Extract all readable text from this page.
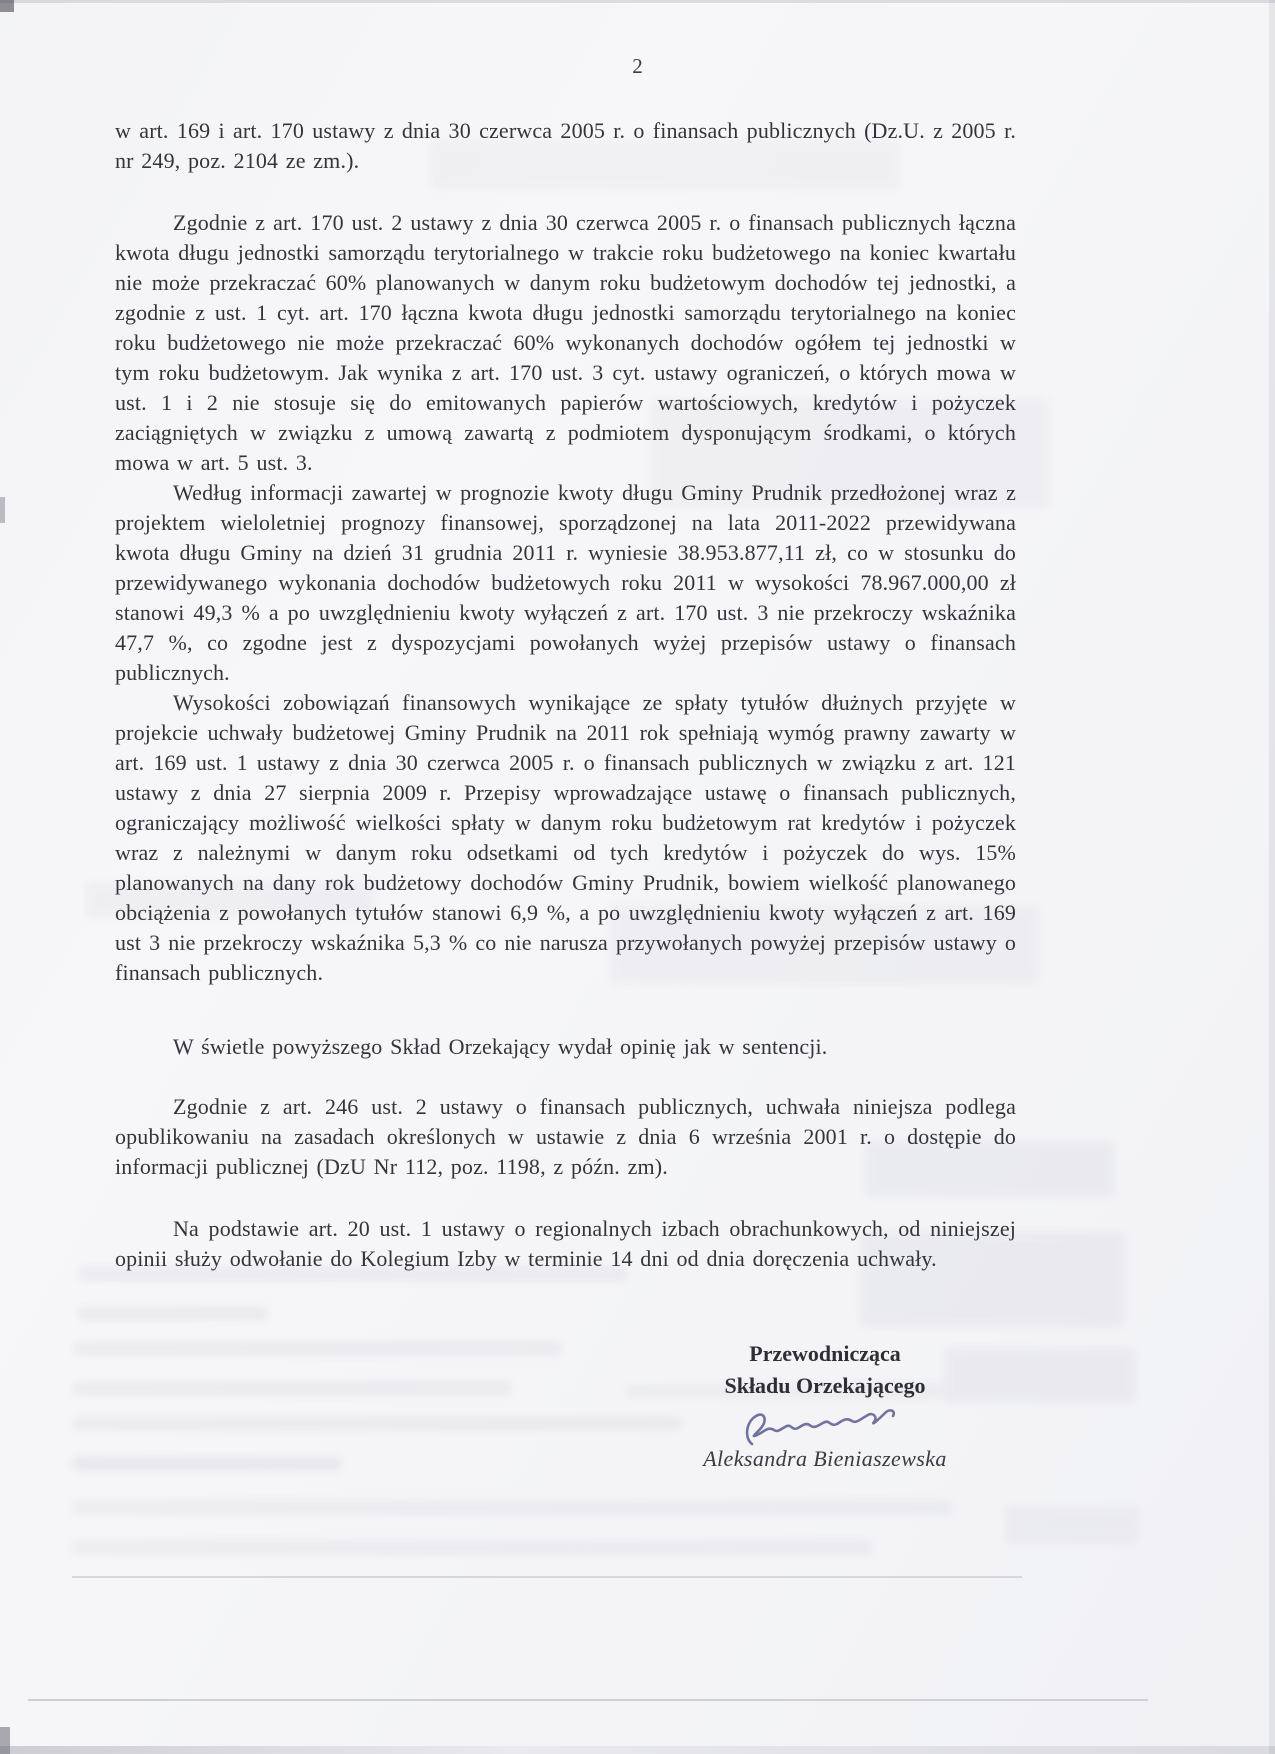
2

w art. 169 i art. 170 ustawy z dnia 30 czerwca 2005 r. o finansach publicznych (Dz.U. z 2005 r. nr 249, poz. 2104 ze zm.).

Zgodnie z art. 170 ust. 2 ustawy z dnia 30 czerwca 2005 r. o finansach publicznych łączna kwota długu jednostki samorządu terytorialnego w trakcie roku budżetowego na koniec kwartału nie może przekraczać 60% planowanych w danym roku budżetowym dochodów tej jednostki, a zgodnie z ust. 1 cyt. art. 170 łączna kwota długu jednostki samorządu terytorialnego na koniec roku budżetowego nie może przekraczać 60% wykonanych dochodów ogółem tej jednostki w tym roku budżetowym. Jak wynika z art. 170 ust. 3 cyt. ustawy ograniczeń, o których mowa w ust. 1 i 2 nie stosuje się do emitowanych papierów wartościowych, kredytów i pożyczek zaciągniętych w związku z umową zawartą z podmiotem dysponującym środkami, o których mowa w art. 5 ust. 3.

Według informacji zawartej w prognozie kwoty długu Gminy Prudnik przedłożonej wraz z projektem wieloletniej prognozy finansowej, sporządzonej na lata 2011-2022 przewidywana kwota długu Gminy na dzień 31 grudnia 2011 r. wyniesie 38.953.877,11 zł, co w stosunku do przewidywanego wykonania dochodów budżetowych roku 2011 w wysokości 78.967.000,00 zł stanowi 49,3 % a po uwzględnieniu kwoty wyłączeń z art. 170 ust. 3 nie przekroczy wskaźnika 47,7 %, co zgodne jest z dyspozycjami powołanych wyżej przepisów ustawy o finansach publicznych.

Wysokości zobowiązań finansowych wynikające ze spłaty tytułów dłużnych przyjęte w projekcie uchwały budżetowej Gminy Prudnik na 2011 rok spełniają wymóg prawny zawarty w art. 169 ust. 1 ustawy z dnia 30 czerwca 2005 r. o finansach publicznych w związku z art. 121 ustawy z dnia 27 sierpnia 2009 r. Przepisy wprowadzające ustawę o finansach publicznych, ograniczający możliwość wielkości spłaty w danym roku budżetowym rat kredytów i pożyczek wraz z należnymi w danym roku odsetkami od tych kredytów i pożyczek do wys. 15% planowanych na dany rok budżetowy dochodów Gminy Prudnik, bowiem wielkość planowanego obciążenia z powołanych tytułów stanowi 6,9 %, a po uwzględnieniu kwoty wyłączeń z art. 169 ust 3 nie przekroczy wskaźnika 5,3 % co nie narusza przywołanych powyżej przepisów ustawy o finansach publicznych.

W świetle powyższego Skład Orzekający wydał opinię jak w sentencji.

Zgodnie z art. 246 ust. 2 ustawy o finansach publicznych, uchwała niniejsza podlega opublikowaniu na zasadach określonych w ustawie z dnia 6 września 2001 r. o dostępie do informacji publicznej (DzU Nr 112, poz. 1198, z późn. zm).

Na podstawie art. 20 ust. 1 ustawy o regionalnych izbach obrachunkowych, od niniejszej opinii służy odwołanie do Kolegium Izby w terminie 14 dni od dnia doręczenia uchwały.

Przewodnicząca
Składu Orzekającego
Aleksandra Bieniaszewska
